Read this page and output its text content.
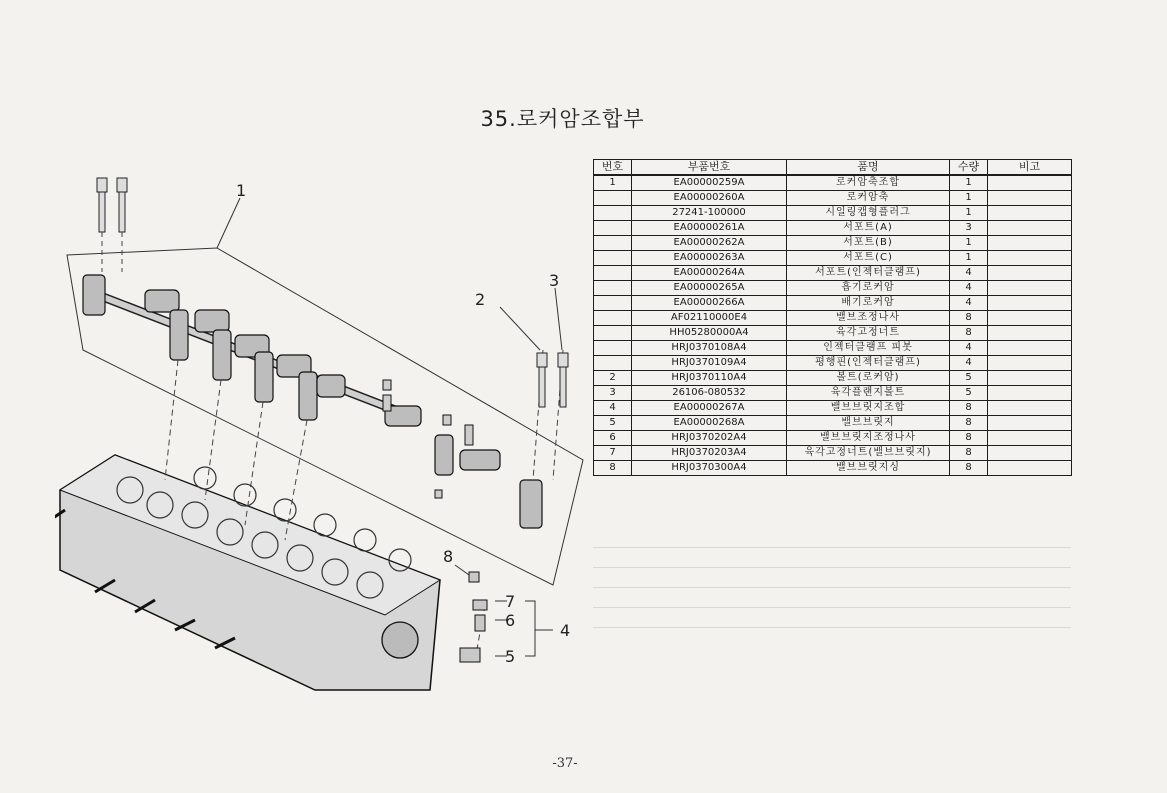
35.로커암조합부
1
2
3
4
5
6
7
8
번호	부품번호	품명	수량	비고
1	EA00000259A	로커암축조합	1	
	EA00000260A	로커암축	1	
	27241-100000	시일링캡형플러그	1	
	EA00000261A	서포트(A)	3	
	EA00000262A	서포트(B)	1	
	EA00000263A	서포트(C)	1	
	EA00000264A	서포트(인젝터클램프)	4	
	EA00000265A	흡기로커암	4	
	EA00000266A	배기로커암	4	
	AF02110000E4	밸브조정나사	8	
	HH05280000A4	육각고정너트	8	
	HRJ0370108A4	인젝터클램프 피봇	4	
	HRJ0370109A4	평행핀(인젝터클램프)	4	
2	HRJ0370110A4	볼트(로커암)	5	
3	26106-080532	육각플랜지볼트	5	
4	EA00000267A	밸브브릿지조합	8	
5	EA00000268A	밸브브릿지	8	
6	HRJ0370202A4	밸브브릿지조정나사	8	
7	HRJ0370203A4	육각고정너트(밸브브릿지)	8	
8	HRJ0370300A4	밸브브릿지싱	8	
-37-
